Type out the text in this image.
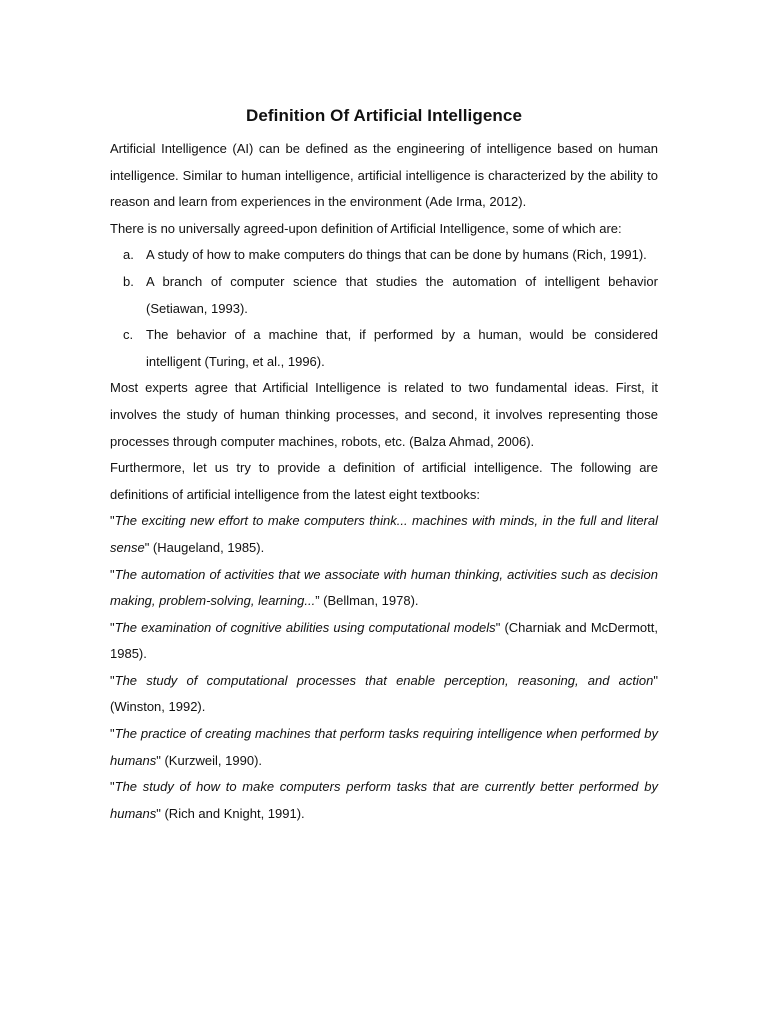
Definition Of Artificial Intelligence

Artificial Intelligence (AI) can be defined as the engineering of intelligence based on human intelligence. Similar to human intelligence, artificial intelligence is characterized by the ability to reason and learn from experiences in the environment (Ade Irma, 2012).

There is no universally agreed-upon definition of Artificial Intelligence, some of which are:

a. A study of how to make computers do things that can be done by humans (Rich, 1991).
b. A branch of computer science that studies the automation of intelligent behavior (Setiawan, 1993).
c. The behavior of a machine that, if performed by a human, would be considered intelligent (Turing, et al., 1996).

Most experts agree that Artificial Intelligence is related to two fundamental ideas. First, it involves the study of human thinking processes, and second, it involves representing those processes through computer machines, robots, etc. (Balza Ahmad, 2006).

Furthermore, let us try to provide a definition of artificial intelligence. The following are definitions of artificial intelligence from the latest eight textbooks:

"The exciting new effort to make computers think... machines with minds, in the full and literal sense" (Haugeland, 1985).

"The automation of activities that we associate with human thinking, activities such as decision making, problem-solving, learning...” (Bellman, 1978).

"The examination of cognitive abilities using computational models" (Charniak and McDermott, 1985).

"The study of computational processes that enable perception, reasoning, and action" (Winston, 1992).

"The practice of creating machines that perform tasks requiring intelligence when performed by humans" (Kurzweil, 1990).

"The study of how to make computers perform tasks that are currently better performed by humans" (Rich and Knight, 1991).
